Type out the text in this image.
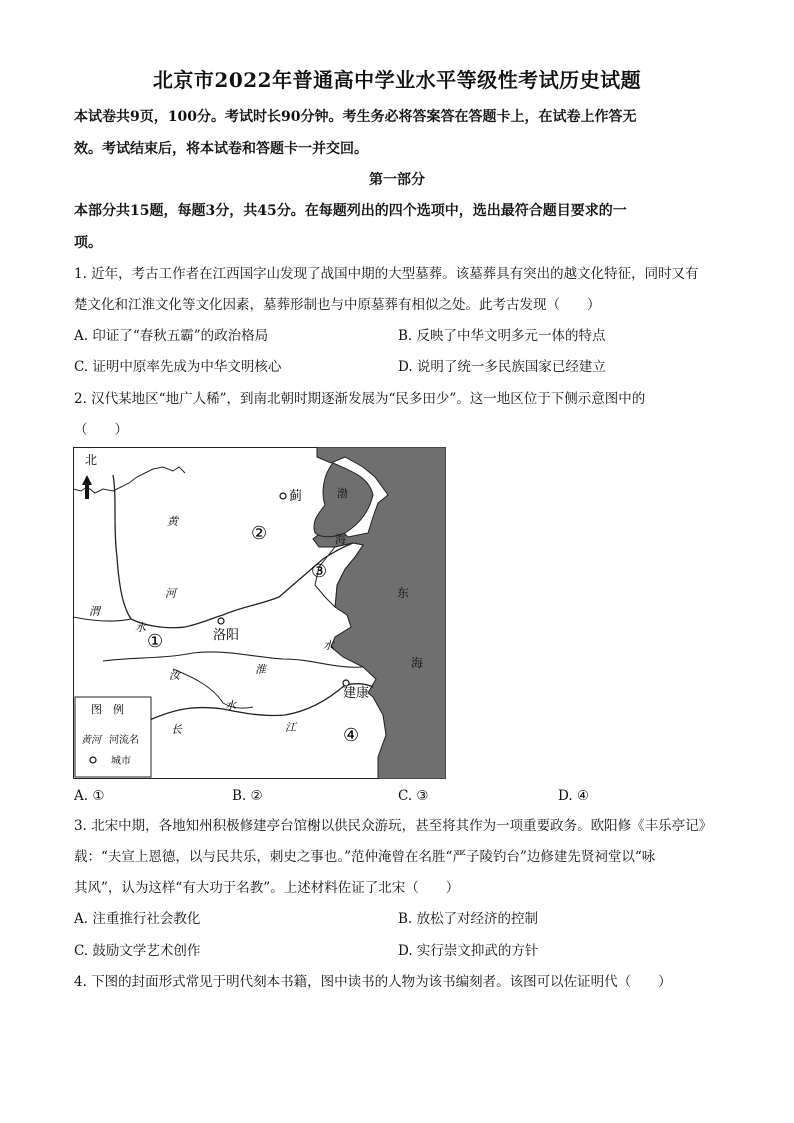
北京市2022年普通高中学业水平等级性考试历史试题
本试卷共9页，100分。考试时长90分钟。考生务必将答案答在答题卡上，在试卷上作答无
效。考试结束后，将本试卷和答题卡一并交回。
第一部分
本部分共15题，每题3分，共45分。在每题列出的四个选项中，选出最符合题目要求的一
项。
1. 近年，考古工作者在江西国字山发现了战国中期的大型墓葬。该墓葬具有突出的越文化特征，同时又有
楚文化和江淮文化等文化因素，墓葬形制也与中原墓葬有相似之处。此考古发现（　　）
A. 印证了“春秋五霸”的政治格局	B. 反映了中华文明多元一体的特点
C. 证明中原率先成为中华文明核心	D. 说明了统一多民族国家已经建立
2. 汉代某地区“地广人稀”，到南北朝时期逐渐发展为“民多田少”。这一地区位于下侧示意图中的
（　　）
北
蓟
洛阳
建康
黄
河
渭
水
淮
水
汝
水
长	江
渤
海
东
海
①
②
③
④
图　例
黄河 河流名
城市
A. ①	B. ②	C. ③	D. ④
3. 北宋中期，各地知州积极修建亭台馆榭以供民众游玩，甚至将其作为一项重要政务。欧阳修《丰乐亭记》
载：“夫宣上恩德，以与民共乐，刺史之事也。”范仲淹曾在名胜“严子陵钓台”边修建先贤祠堂以“咏
其风”，认为这样“有大功于名教”。上述材料佐证了北宋（　　）
A. 注重推行社会教化	B. 放松了对经济的控制
C. 鼓励文学艺术创作	D. 实行崇文抑武的方针
4. 下图的封面形式常见于明代刻本书籍，图中读书的人物为该书编刻者。该图可以佐证明代（　　）
